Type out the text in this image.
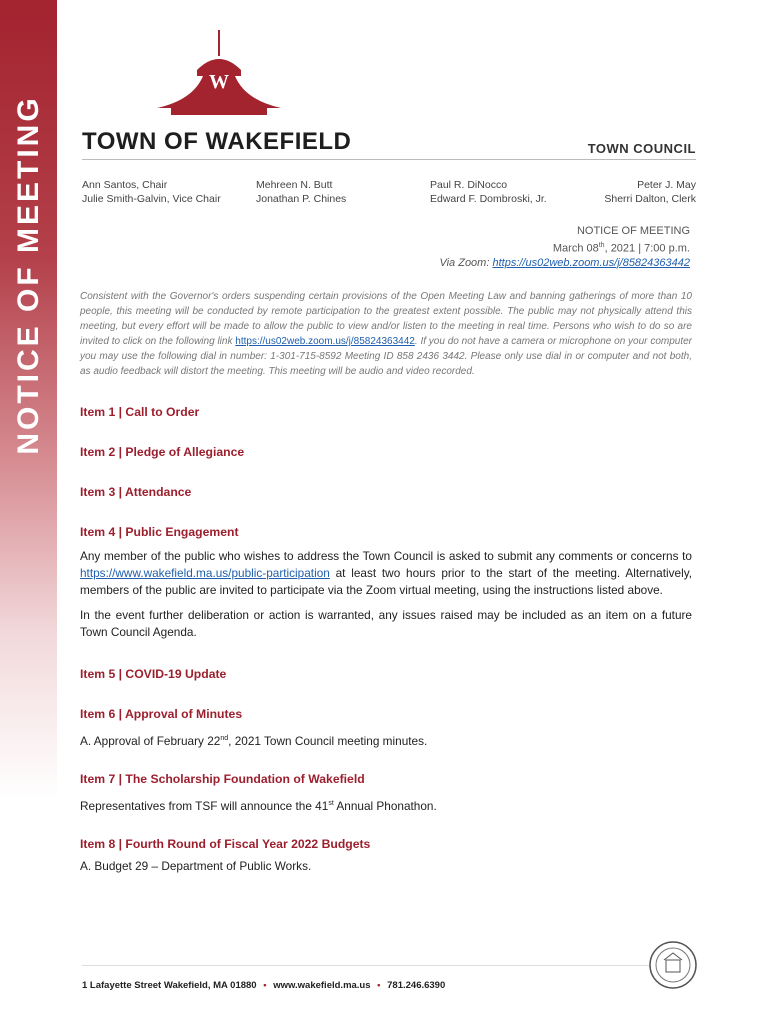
NOTICE OF MEETING
W
TOWN OF WAKEFIELD	TOWN COUNCIL
Ann Santos, Chair
Julie Smith-Galvin, Vice Chair
Mehreen N. Butt
Jonathan P. Chines
Paul R. DiNocco
Edward F. Dombroski, Jr.
Peter J. May
Sherri Dalton, Clerk
NOTICE OF MEETING
March 08th, 2021 | 7:00 p.m.
Via Zoom: https://us02web.zoom.us/j/85824363442

Consistent with the Governor's orders suspending certain provisions of the Open Meeting Law and banning gatherings of more than 10 people, this meeting will be conducted by remote participation to the greatest extent possible. The public may not physically attend this meeting, but every effort will be made to allow the public to view and/or listen to the meeting in real time. Persons who wish to do so are invited to click on the following link https://us02web.zoom.us/j/85824363442. If you do not have a camera or microphone on your computer you may use the following dial in number: 1-301-715-8592 Meeting ID 858 2436 3442. Please only use dial in or computer and not both, as audio feedback will distort the meeting. This meeting will be audio and video recorded.

Item 1 | Call to Order

Item 2 | Pledge of Allegiance

Item 3 | Attendance

Item 4 | Public Engagement

Any member of the public who wishes to address the Town Council is asked to submit any comments or concerns to https://www.wakefield.ma.us/public-participation at least two hours prior to the start of the meeting. Alternatively, members of the public are invited to participate via the Zoom virtual meeting, using the instructions listed above.

In the event further deliberation or action is warranted, any issues raised may be included as an item on a future Town Council Agenda.

Item 5 | COVID-19 Update

Item 6 | Approval of Minutes

A. Approval of February 22nd, 2021 Town Council meeting minutes.

Item 7 | The Scholarship Foundation of Wakefield

Representatives from TSF will announce the 41st Annual Phonathon.

Item 8 | Fourth Round of Fiscal Year 2022 Budgets

A. Budget 29 – Department of Public Works.

1 Lafayette Street Wakefield, MA 01880 • www.wakefield.ma.us • 781.246.6390
